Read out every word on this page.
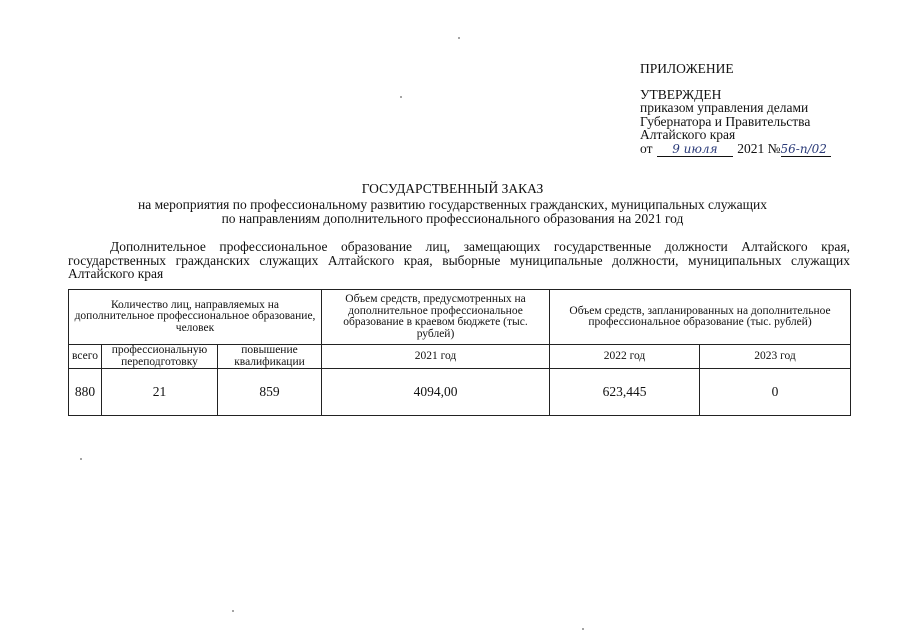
ПРИЛОЖЕНИЕ
УТВЕРЖДЕН
приказом управления делами
Губернатора и Правительства
Алтайского края
от 9 июля 2021 №56-п/02
ГОСУДАРСТВЕННЫЙ ЗАКАЗ
на мероприятия по профессиональному развитию государственных гражданских, муниципальных служащих
по направлениям дополнительного профессионального образования на 2021 год
Дополнительное профессиональное образование лиц, замещающих государственные должности Алтайского края, государственных гражданских служащих Алтайского края, выборные муниципальные должности, муниципальных служащих Алтайского края
Количество лиц, направляемых на дополнительное профессиональное образование, человек			Объем средств, предусмотренных на дополнительное профессиональное образование в краевом бюджете (тыс. рублей)	Объем средств, запланированных на дополнительное профессиональное образование (тыс. рублей)	
всего	профессиональную переподготовку	повышение квалификации	2021 год	2022 год	2023 год
880	21	859	4094,00	623,445	0
